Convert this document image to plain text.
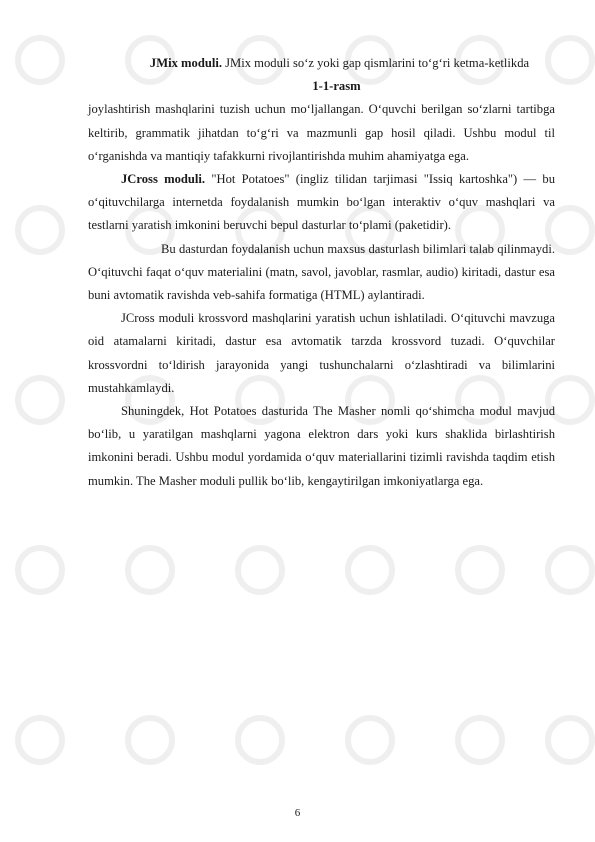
JMix moduli. JMix moduli so‘z yoki gap qismlarini to‘g‘ri ketma-ketlikda

1-1-rasm

joylashtirish mashqlarini tuzish uchun mo‘ljallangan. O‘quvchi berilgan so‘zlarni tartibga keltirib, grammatik jihatdan to‘g‘ri va mazmunli gap hosil qiladi. Ushbu modul til o‘rganishda va mantiqiy tafakkurni rivojlantirishda muhim ahamiyatga ega.

JCross moduli. "Hot Potatoes" (ingliz tilidan tarjimasi "Issiq kartoshka") — bu o‘qituvchilarga internetda foydalanish mumkin bo‘lgan interaktiv o‘quv mashqlari va testlarni yaratish imkonini beruvchi bepul dasturlar to‘plami (paketidir).

Bu dasturdan foydalanish uchun maxsus dasturlash bilimlari talab qilinmaydi. O‘qituvchi faqat o‘quv materialini (matn, savol, javoblar, rasmlar, audio) kiritadi, dastur esa buni avtomatik ravishda veb-sahifa formatiga (HTML) aylantiradi.

JCross moduli krossvord mashqlarini yaratish uchun ishlatiladi. O‘qituvchi mavzuga oid atamalarni kiritadi, dastur esa avtomatik tarzda krossvord tuzadi. O‘quvchilar krossvordni to‘ldirish jarayonida yangi tushunchalarni o‘zlashtiradi va bilimlarini mustahkamlaydi.

Shuningdek, Hot Potatoes dasturida The Masher nomli qo‘shimcha modul mavjud bo‘lib, u yaratilgan mashqlarni yagona elektron dars yoki kurs shaklida birlashtirish imkonini beradi. Ushbu modul yordamida o‘quv materiallarini tizimli ravishda taqdim etish mumkin. The Masher moduli pullik bo‘lib, kengaytirilgan imkoniyatlarga ega.

6
